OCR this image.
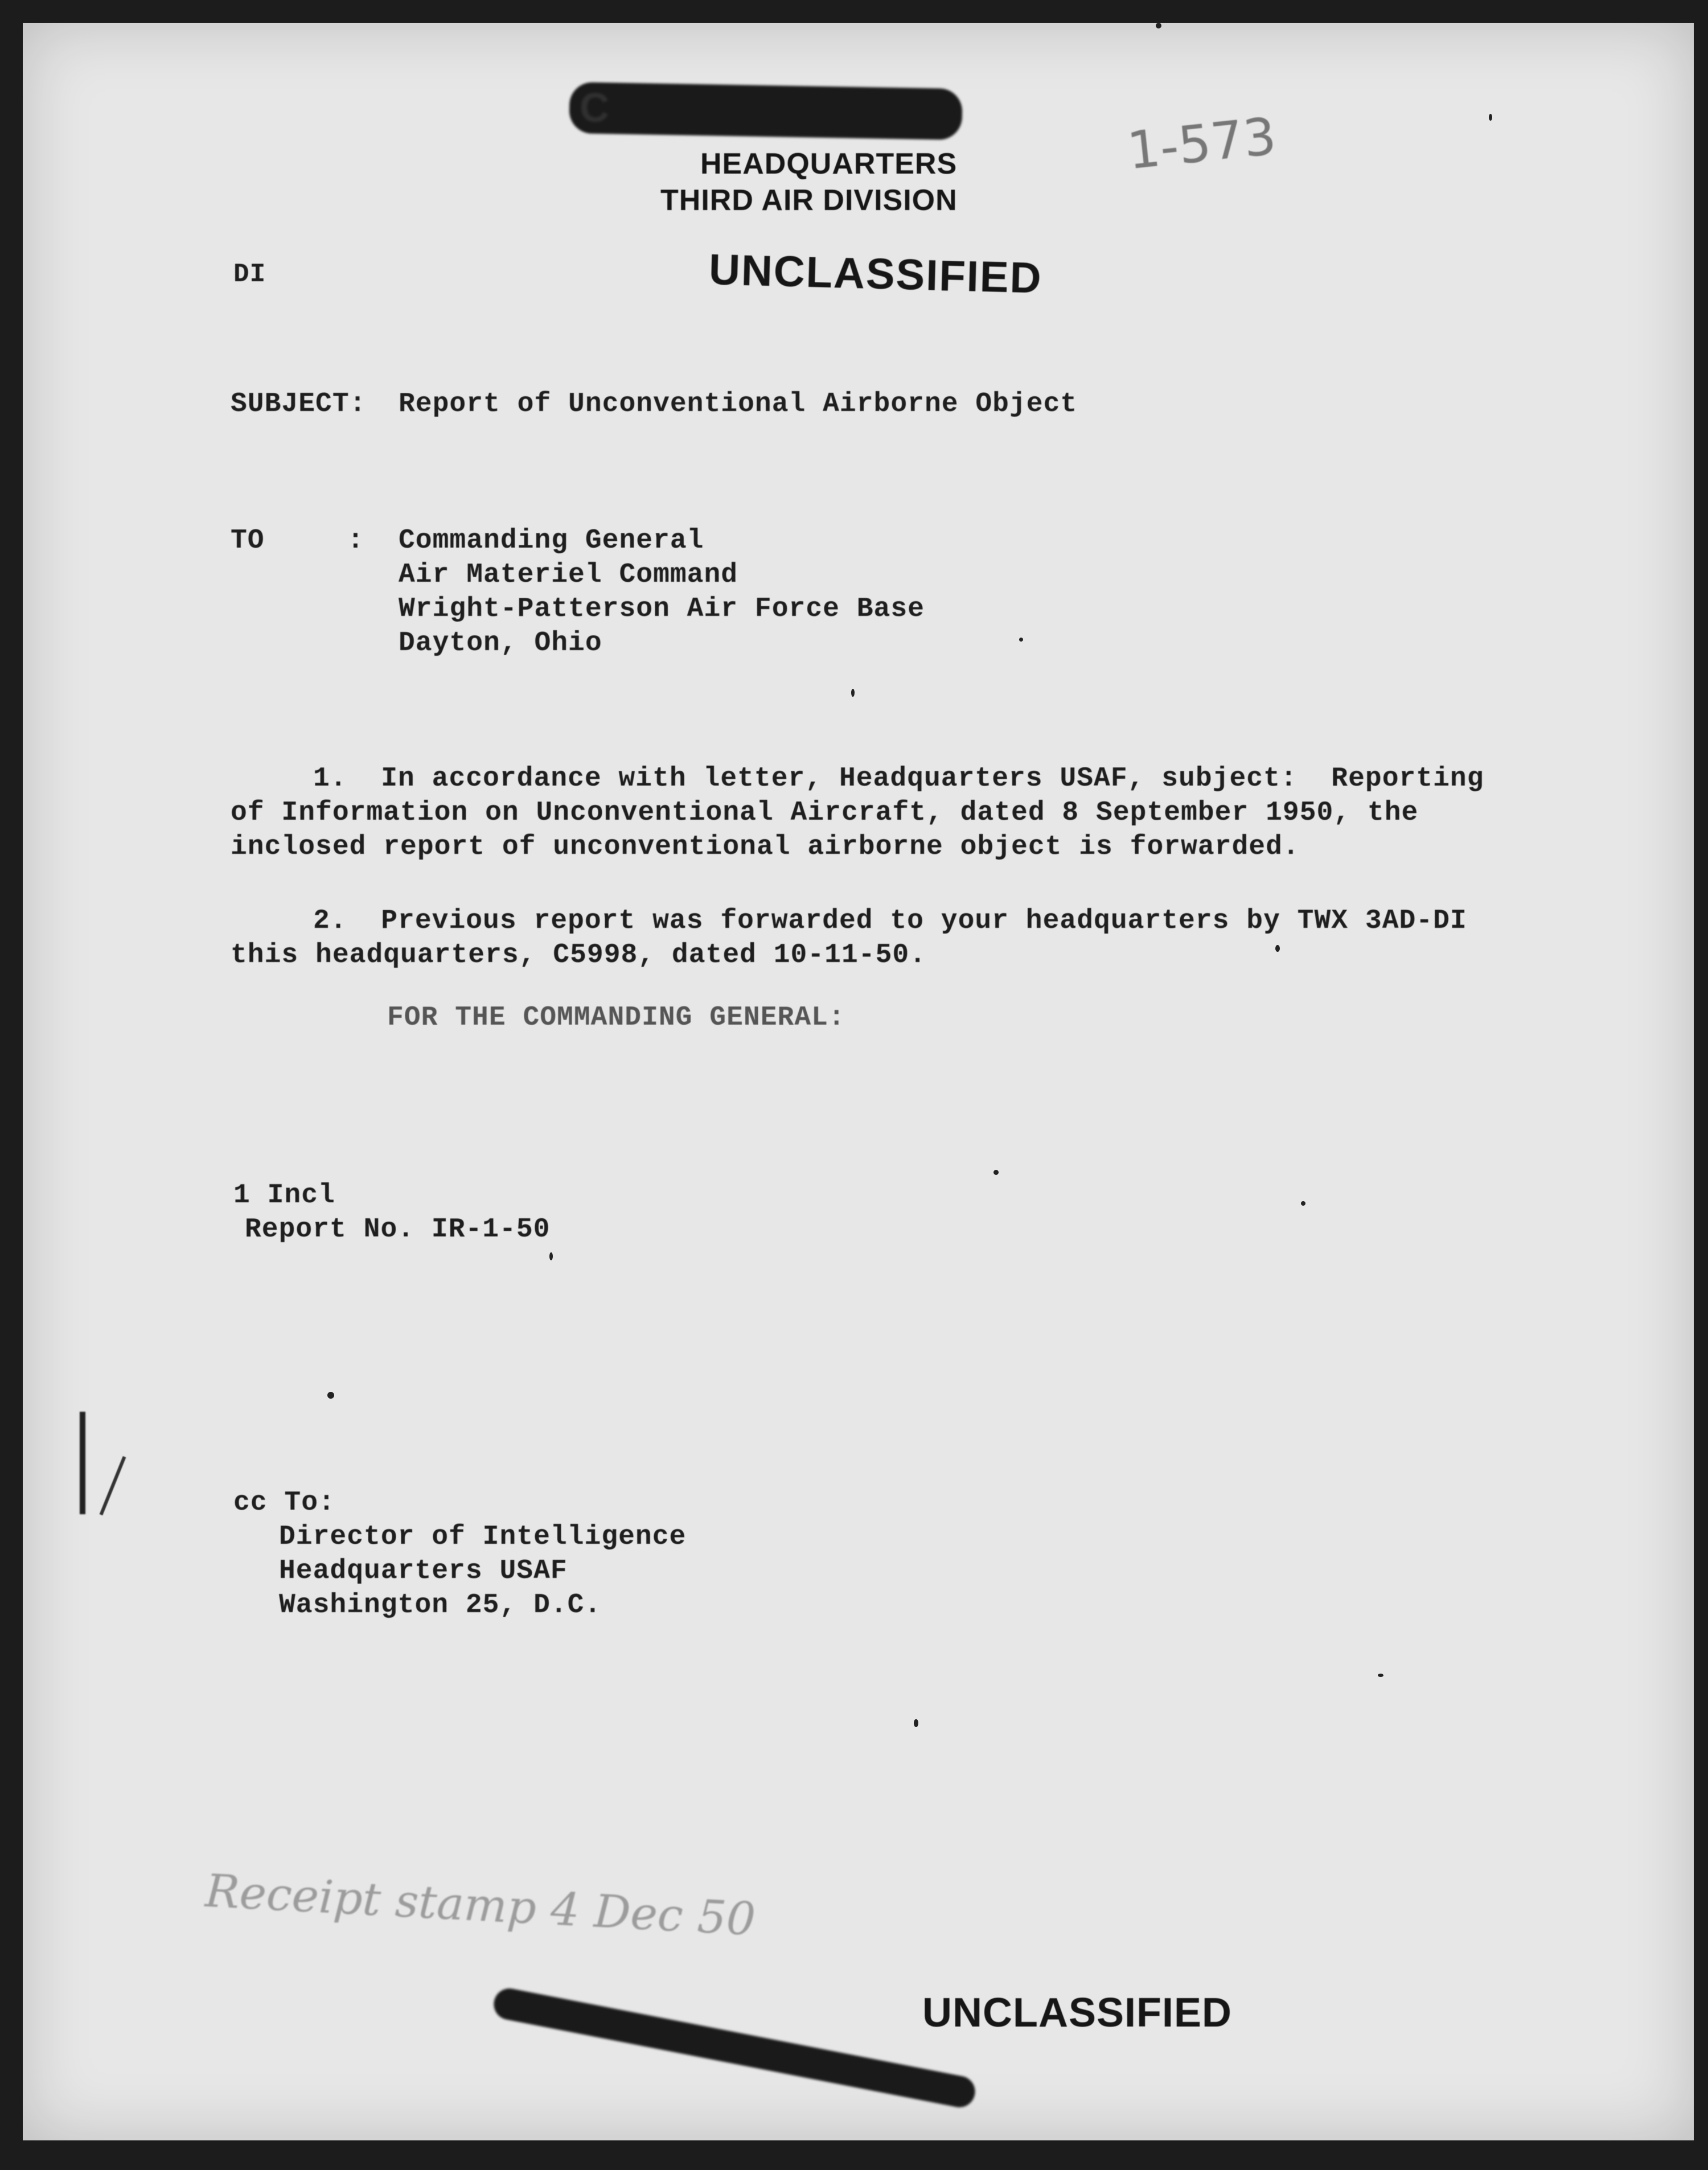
C
HEADQUARTERS
THIRD AIR DIVISION
1-573
DI	UNCLASSIFIED
SUBJECT: Report of Unconventional Airborne Object
TO	: Commanding General
Air Materiel Command
Wright-Patterson Air Force Base
Dayton, Ohio
1.  In accordance with letter, Headquarters USAF, subject:  Reporting
of Information on Unconventional Aircraft, dated 8 September 1950, the
inclosed report of unconventional airborne object is forwarded.
2.  Previous report was forwarded to your headquarters by TWX 3AD-DI
this headquarters, C5998, dated 10-11-50.
FOR THE COMMANDING GENERAL:
1 Incl
Report No. IR-1-50
cc To:
Director of Intelligence
Headquarters USAF
Washington 25, D.C.
Receipt stamp 4 Dec 50
UNCLASSIFIED
